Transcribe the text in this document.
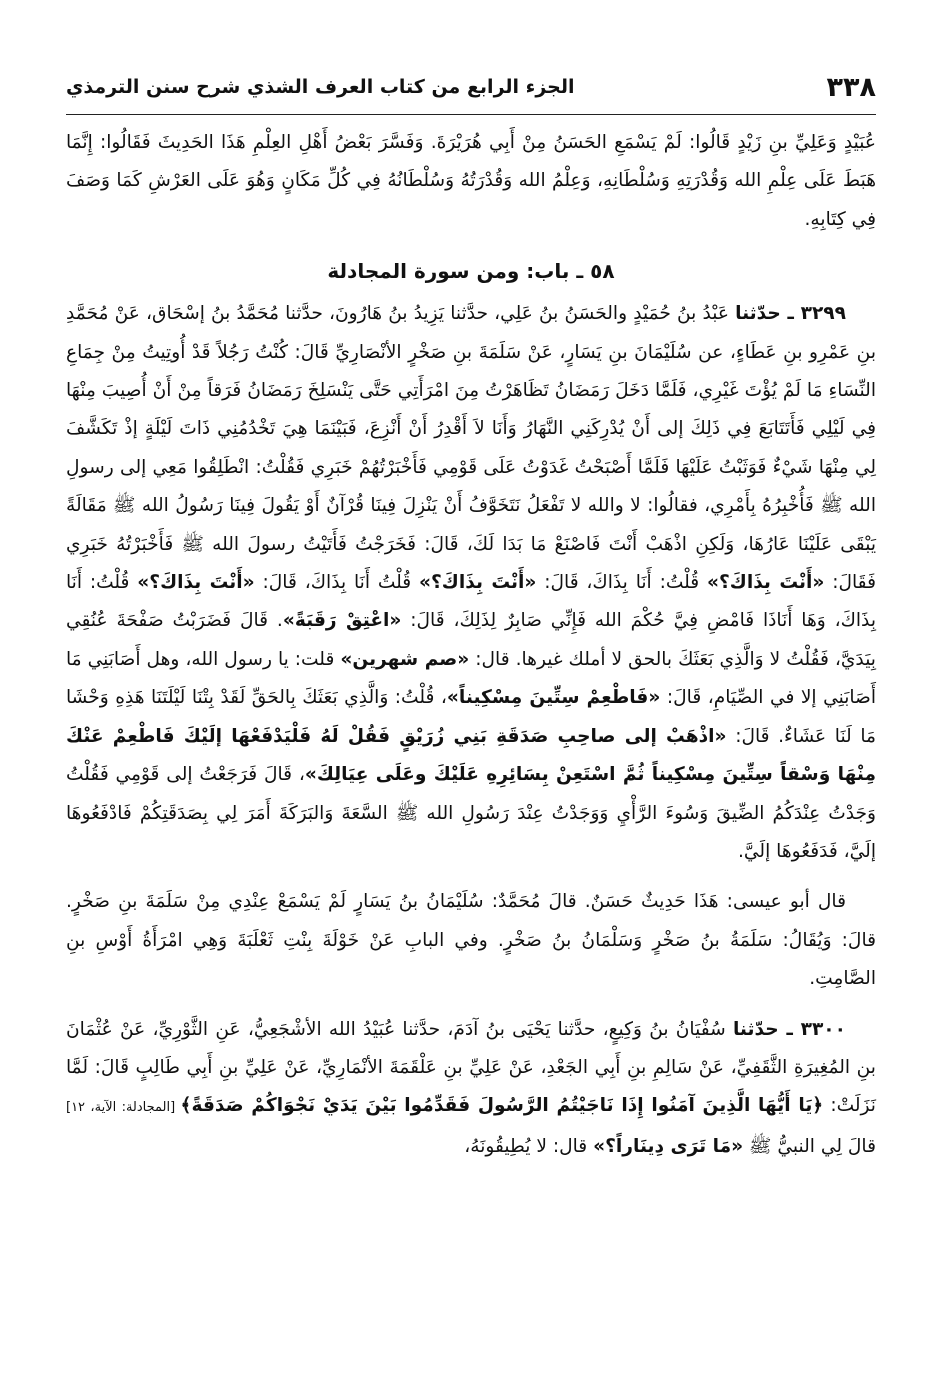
٣٣٨
الجزء الرابع من كتاب العرف الشذي شرح سنن الترمذي

عُبَيْدٍ وَعَلِيِّ بنِ زَيْدٍ قَالُوا: لَمْ يَسْمَعِ الحَسَنُ مِنْ أَبِي هُرَيْرَةَ. وَفَسَّرَ بَعْضُ أَهْلِ العِلْمِ هَذَا الحَدِيثَ فَقَالُوا: إِنَّمَا هَبَطَ عَلَى عِلْمِ الله وَقُدْرَتِهِ وَسُلْطَانِهِ، وَعِلْمُ الله وَقُدْرَتُهُ وَسُلْطَانُهُ فِي كُلِّ مَكَانٍ وَهُوَ عَلَى العَرْشِ كَمَا وَصَفَ فِي كِتَابِهِ.

٥٨ ـ باب: ومن سورة المجادلة

٣٢٩٩ ـ حدّثنا عَبْدُ بنُ حُمَيْدٍ والحَسَنُ بنُ عَلِي، حدَّثنا يَزِيدُ بنُ هَارُونَ، حدَّثنا مُحَمَّدُ بنُ إسْحَاق، عَنْ مُحَمَّدِ بنِ عَمْرِو بنِ عَطَاءٍ، عن سُلَيْمَانَ بنِ يَسَارٍ، عَنْ سَلَمَةَ بنِ صَخْرٍ الأنْصَارِيِّ قَالَ: كُنْتُ رَجُلاً قَدْ أُوتِيتُ مِنْ جِمَاعِ النِّسَاءِ مَا لَمْ يُؤْتَ غَيْرِي، فَلَمَّا دَخَلَ رَمَضَانُ تَظَاهَرْتُ مِنَ امْرَأَتِي حَتَّى يَنْسَلِخَ رَمَضَانُ فَرَقاً مِنْ أَنْ أُصِيبَ مِنْهَا فِي لَيْلِي فَأَتَتَابَعَ فِي ذَلِكَ إلى أَنْ يُدْرِكَنِي النَّهَارُ وَأَنَا لاَ أَقْدِرُ أَنْ أَنْزِعَ، فَبَيْنَمَا هِيَ تَخْدُمُنِي ذَاتَ لَيْلَةٍ إذْ تَكَشَّفَ لِي مِنْهَا شَيْءٌ فَوَثَبْتُ عَلَيْهَا فَلَمَّا أَصْبَحْتُ غَدَوْتُ عَلَى قَوْمِي فَأَخْبَرْتُهُمْ خَبَرِي فَقُلْتُ: انْطَلِقُوا مَعِي إلى رسولِ الله ﷺ فَأُخْبِرُهُ بِأَمْرِي، فقالُوا: لا والله لا تَفْعَلُ نَتَخَوَّفُ أَنْ يَنْزِلَ فِينَا قُرْآنٌ أَوْ يَقُولَ فِينَا رَسُولُ الله ﷺ مَقَالَةً يَبْقَى عَلَيْنَا عَارُهَا، وَلَكِنِ اذْهَبْ أَنْتَ فَاصْنَعْ مَا بَدَا لَكَ، قَالَ: فَخَرَجْتُ فَأَتَيْتُ رسولَ الله ﷺ فَأَخْبَرْتُهُ خَبَرِي فَقَالَ: «أَنْتَ بِذَاكَ؟» قُلْتُ: أَنَا بِذَاكَ، قَالَ: «أَنْتَ بِذَاكَ؟» قُلْتُ أَنَا بِذَاكَ، قَالَ: «أَنْتَ بِذَاكَ؟» قُلْتُ: أَنَا بِذَاكَ، وَهَا أَنَاذَا فَامْضِ فِيَّ حُكْمَ الله فَإِنِّي صَابِرٌ لِذَلِكَ، قَالَ: «اعْتِقْ رَقَبَةً». قَالَ فَضَرَبْتُ صَفْحَةَ عُنُقِي بِيَدَيَّ، فَقُلْتُ لا وَالَّذِي بَعَثَكَ بالحق لا أملك غيرها. قال: «صم شهرين» قلت: يا رسول الله، وهل أَصَابَنِي مَا أَصَابَنِي إلا في الصِّيَامِ، قَالَ: «فَاطْعِمْ سِتِّينَ مِسْكِيناً»، قُلْتُ: وَالَّذِي بَعَثَكَ بِالحَقِّ لَقَدْ بِتْنَا لَيْلَتَنَا هَذِهِ وَحْشَا مَا لَنَا عَشَاءٌ. قَالَ: «اذْهَبْ إلى صاحِبِ صَدَقَةِ بَنِي زُرَيْقٍ فَقُلْ لَهُ فَلْيَدْفَعْهَا إلَيْكَ فَاطْعِمْ عَنْكَ مِنْهَا وَسْقاً سِتِّينَ مِسْكِيناً ثُمَّ اسْتَعِنْ بِسَائِرِهِ عَلَيْكَ وعَلَى عِيَالِكَ»، قَالَ فَرَجَعْتُ إلى قَوْمِي فَقُلْتُ وَجَدْتُ عِنْدَكُمُ الضِّيقَ وَسُوءَ الرَّأْيِ وَوَجَدْتُ عِنْدَ رَسُولِ الله ﷺ السَّعَةَ وَالبَرَكَةَ أَمَرَ لِي بِصَدَقَتِكُمْ فَادْفَعُوهَا إلَيَّ، فَدَفَعُوهَا إلَيَّ.

قال أبو عيسى: هَذَا حَدِيثٌ حَسَنٌ. قالَ مُحَمَّدٌ: سُلَيْمَانُ بنُ يَسَارٍ لَمْ يَسْمَعْ عِنْدِي مِنْ سَلَمَةَ بنِ صَخْرٍ. قالَ: وَيُقَالُ: سَلَمَةُ بنُ صَخْرٍ وَسَلْمَانُ بنُ صَخْرٍ. وفي البابِ عَنْ خَوْلَةَ بِنْتِ ثَعْلَبَةَ وَهِي امْرَأَةُ أَوْسِ بنِ الصَّامِتِ.

٣٣٠٠ ـ حدّثنا سُفْيَانُ بنُ وَكِيعٍ، حدَّثنا يَحْيَى بنُ آدَمَ، حدَّثنا عُبَيْدُ الله الأشْجَعِيُّ، عَنِ الثَّوْرِيِّ، عَنْ عُثْمَانَ بنِ المُغِيرَةِ الثَّقَفِيِّ، عَنْ سَالِمِ بنِ أَبِي الجَعْدِ، عَنْ عَلِيِّ بنِ عَلْقَمَةَ الأنْمَارِيِّ، عَنْ عَلِيِّ بنِ أَبِي طَالِبٍ قَالَ: لَمَّا نَزَلَتْ: ﴿يَا أَيُّهَا الَّذِينَ آمَنُوا إِذَا نَاجَيْتُمُ الرَّسُولَ فَقَدِّمُوا بَيْنَ يَدَيْ نَجْوَاكُمْ صَدَقَةً﴾ [المجادلة: الآية، ١٢] قالَ لِي النبيُّ ﷺ «مَا تَرَى دِينَاراً؟» قال: لا يُطِيقُونَهُ،
